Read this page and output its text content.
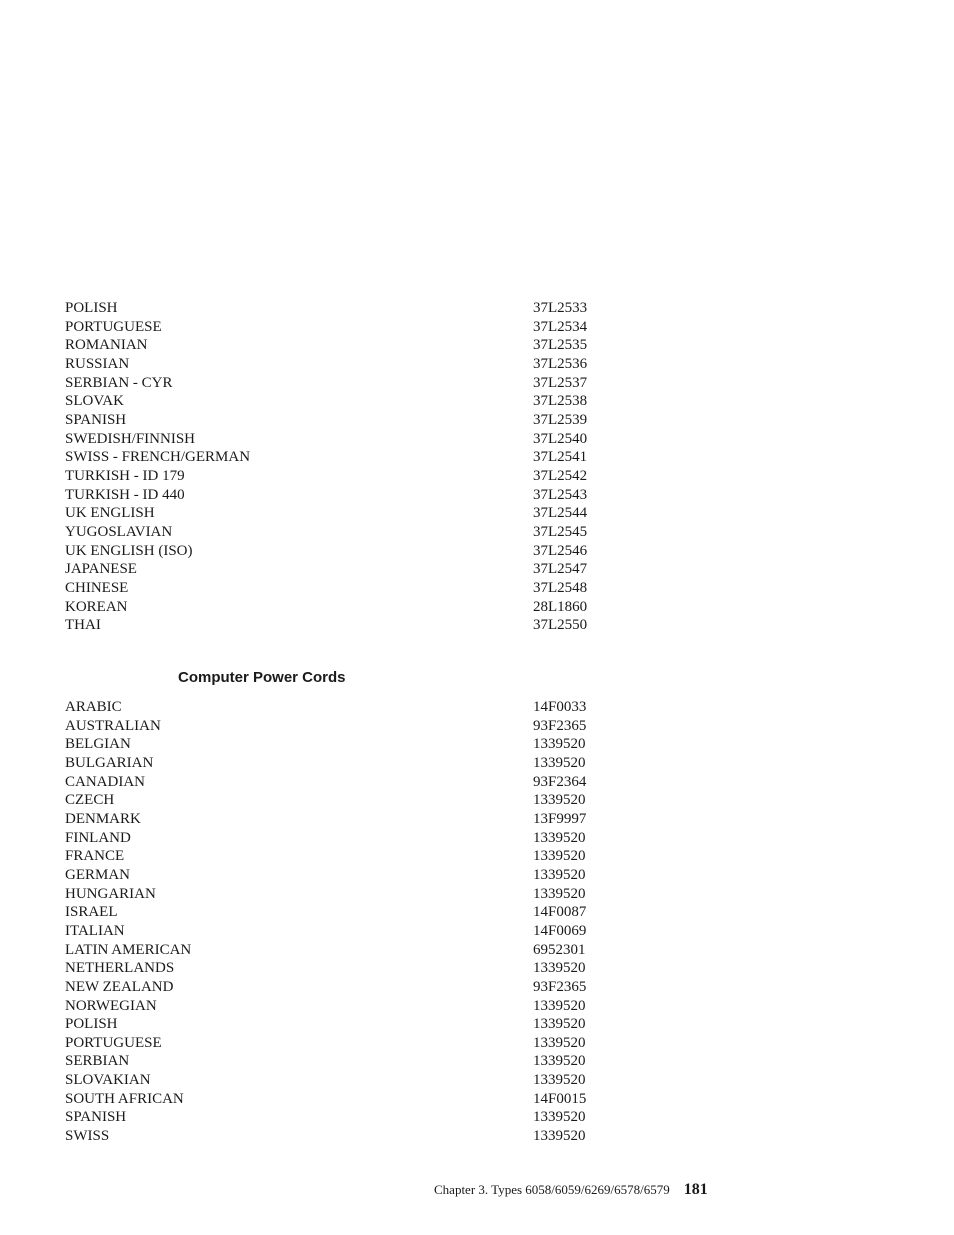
POLISH	37L2533
PORTUGUESE	37L2534
ROMANIAN	37L2535
RUSSIAN	37L2536
SERBIAN - CYR	37L2537
SLOVAK	37L2538
SPANISH	37L2539
SWEDISH/FINNISH	37L2540
SWISS - FRENCH/GERMAN	37L2541
TURKISH - ID 179	37L2542
TURKISH - ID 440	37L2543
UK ENGLISH	37L2544
YUGOSLAVIAN	37L2545
UK ENGLISH (ISO)	37L2546
JAPANESE	37L2547
CHINESE	37L2548
KOREAN	28L1860
THAI	37L2550
Computer Power Cords
ARABIC	14F0033
AUSTRALIAN	93F2365
BELGIAN	1339520
BULGARIAN	1339520
CANADIAN	93F2364
CZECH	1339520
DENMARK	13F9997
FINLAND	1339520
FRANCE	1339520
GERMAN	1339520
HUNGARIAN	1339520
ISRAEL	14F0087
ITALIAN	14F0069
LATIN AMERICAN	6952301
NETHERLANDS	1339520
NEW ZEALAND	93F2365
NORWEGIAN	1339520
POLISH	1339520
PORTUGUESE	1339520
SERBIAN	1339520
SLOVAKIAN	1339520
SOUTH AFRICAN	14F0015
SPANISH	1339520
SWISS	1339520
Chapter 3. Types 6058/6059/6269/6578/6579 181
